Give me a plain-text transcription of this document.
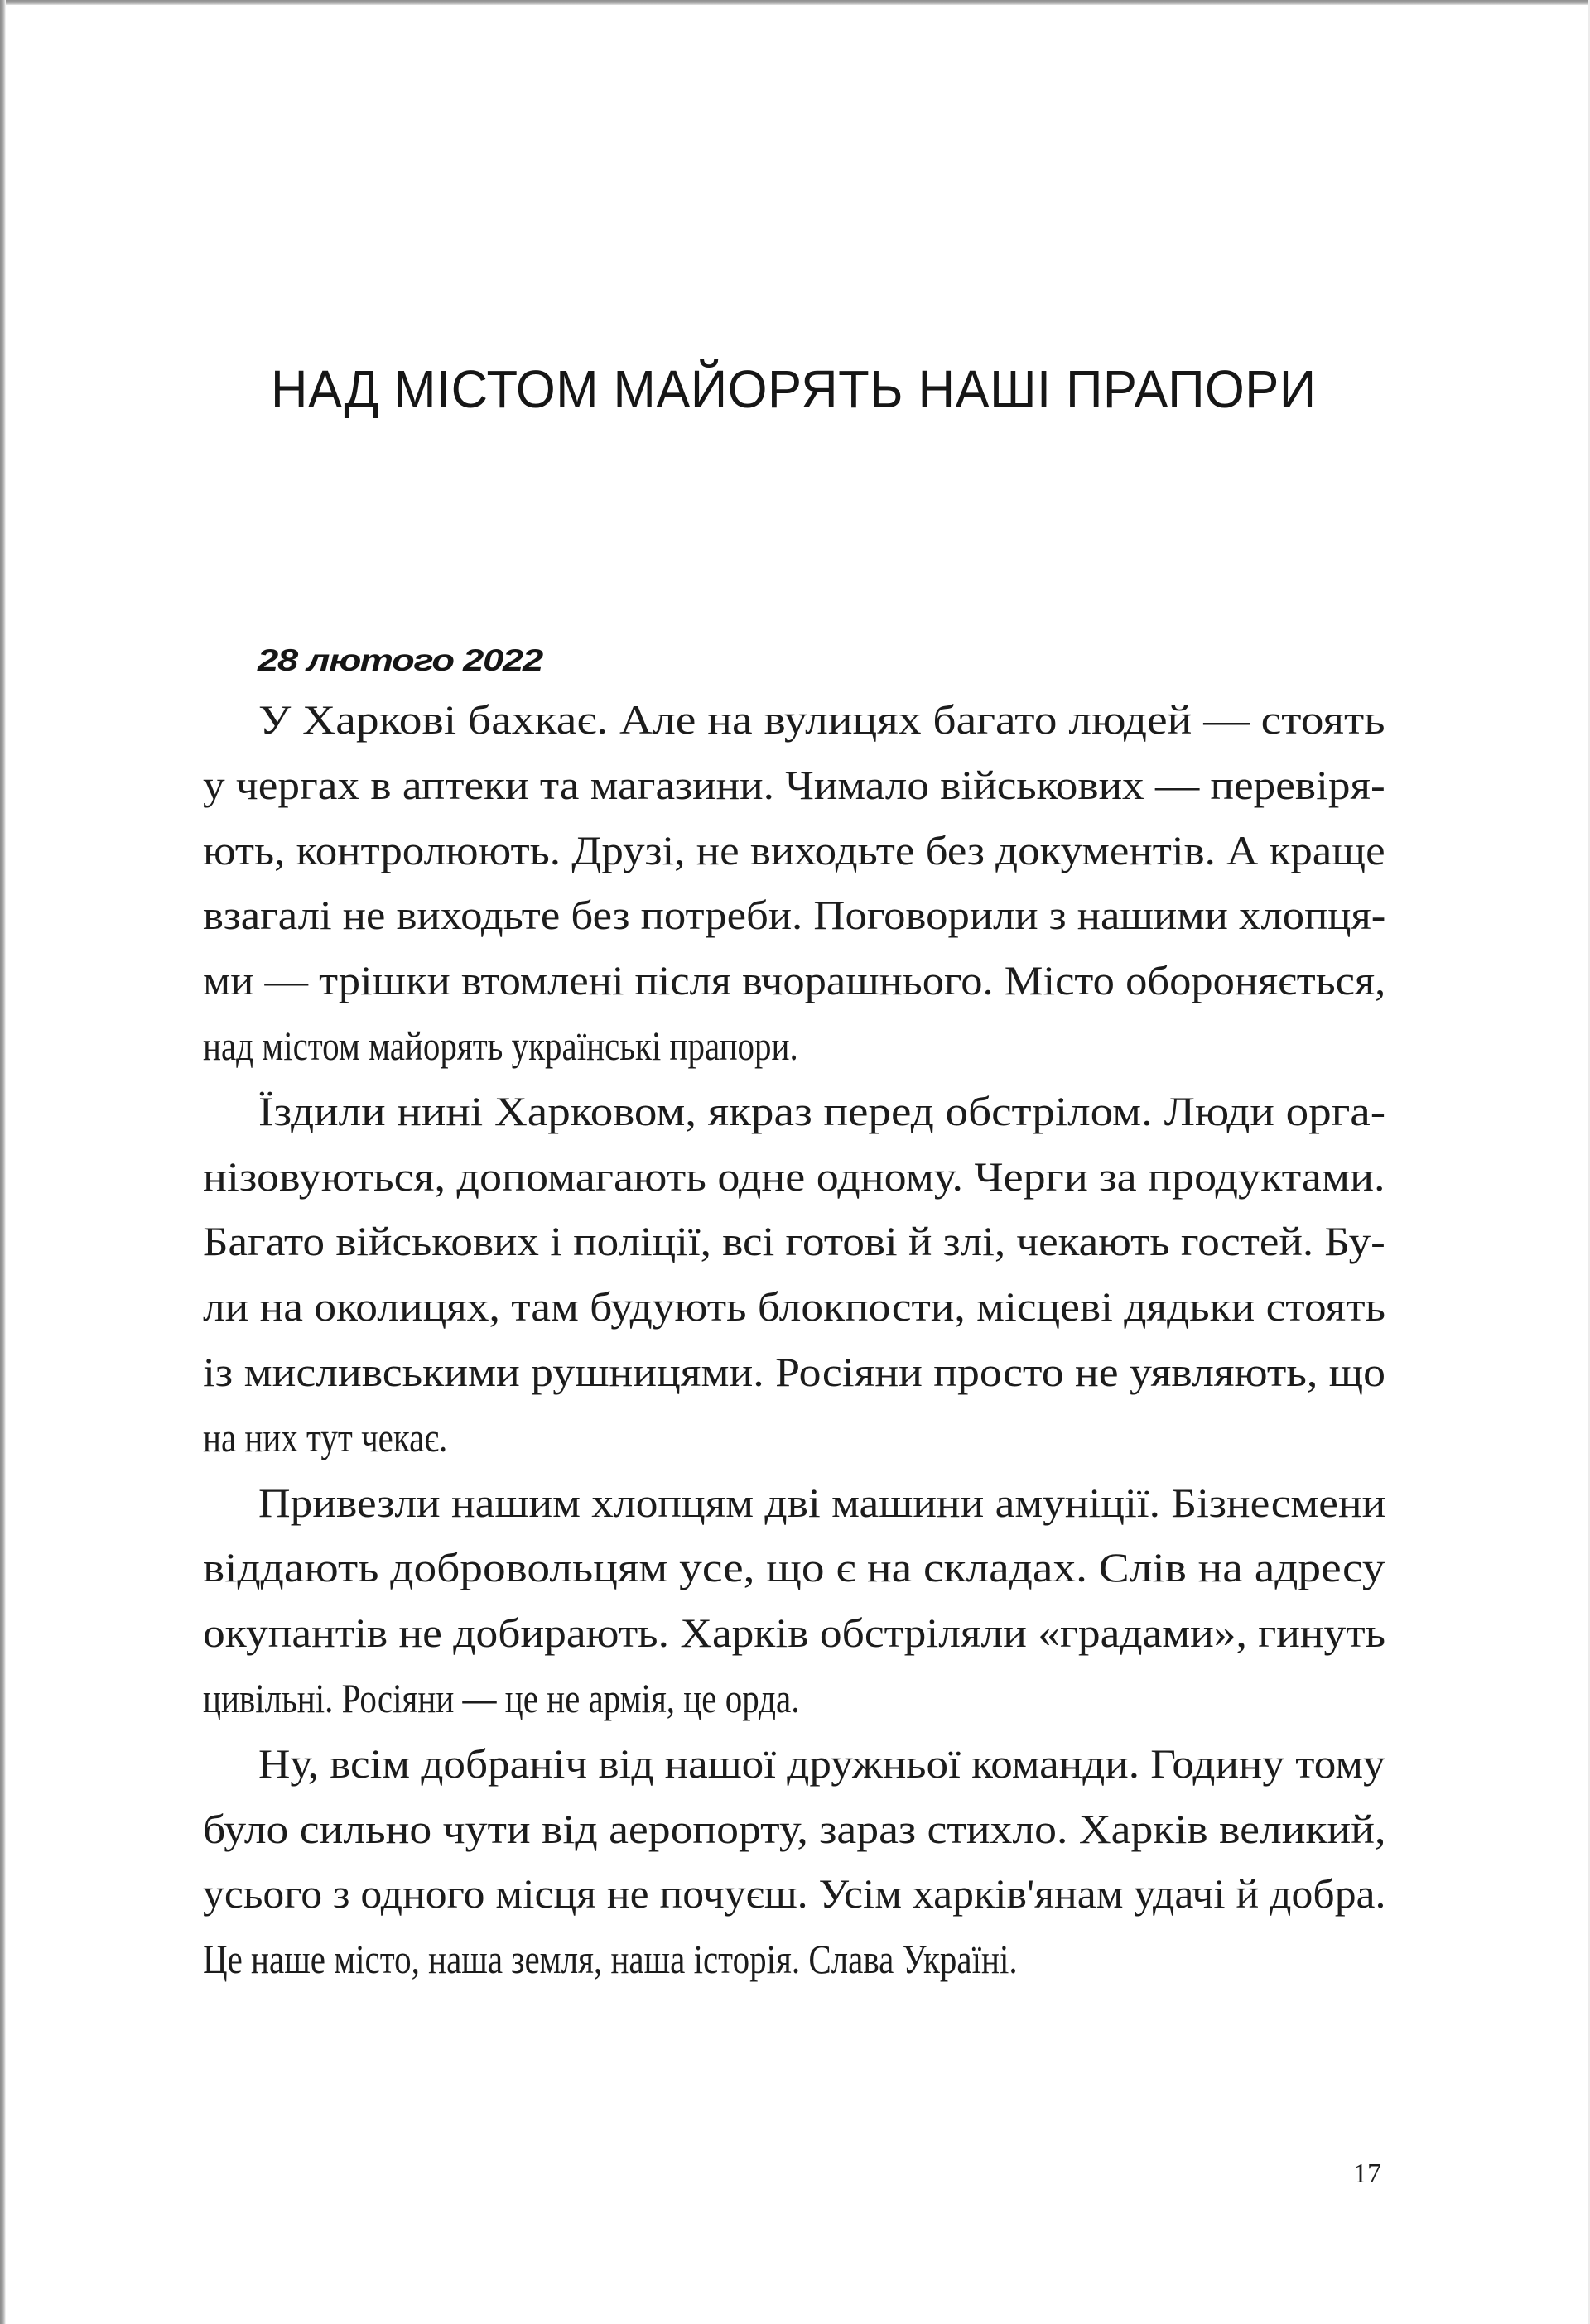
НАД МІСТОМ МАЙОРЯТЬ НАШІ ПРАПОРИ
28 лютого 2022
У Харкові бахкає. Але на вулицях багато людей — стоять
у чергах в аптеки та магазини. Чимало військових — перевіря-
ють, контролюють. Друзі, не виходьте без документів. А краще
взагалі не виходьте без потреби. Поговорили з нашими хлопця-
ми — трішки втомлені після вчорашнього. Місто обороняється,
над містом майорять українські прапори.
Їздили нині Харковом, якраз перед обстрілом. Люди орга-
нізовуються, допомагають одне одному. Черги за продуктами.
Багато військових і поліції, всі готові й злі, чекають гостей. Бу-
ли на околицях, там будують блокпости, місцеві дядьки стоять
із мисливськими рушницями. Росіяни просто не уявляють, що
на них тут чекає.
Привезли нашим хлопцям дві машини амуніції. Бізнесмени
віддають добровольцям усе, що є на складах. Слів на адресу
окупантів не добирають. Харків обстріляли «градами», гинуть
цивільні. Росіяни — це не армія, це орда.
Ну, всім добраніч від нашої дружньої команди. Годину тому
було сильно чути від аеропорту, зараз стихло. Харків великий,
усього з одного місця не почуєш. Усім харків'янам удачі й добра.
Це наше місто, наша земля, наша історія. Слава Україні.
17
